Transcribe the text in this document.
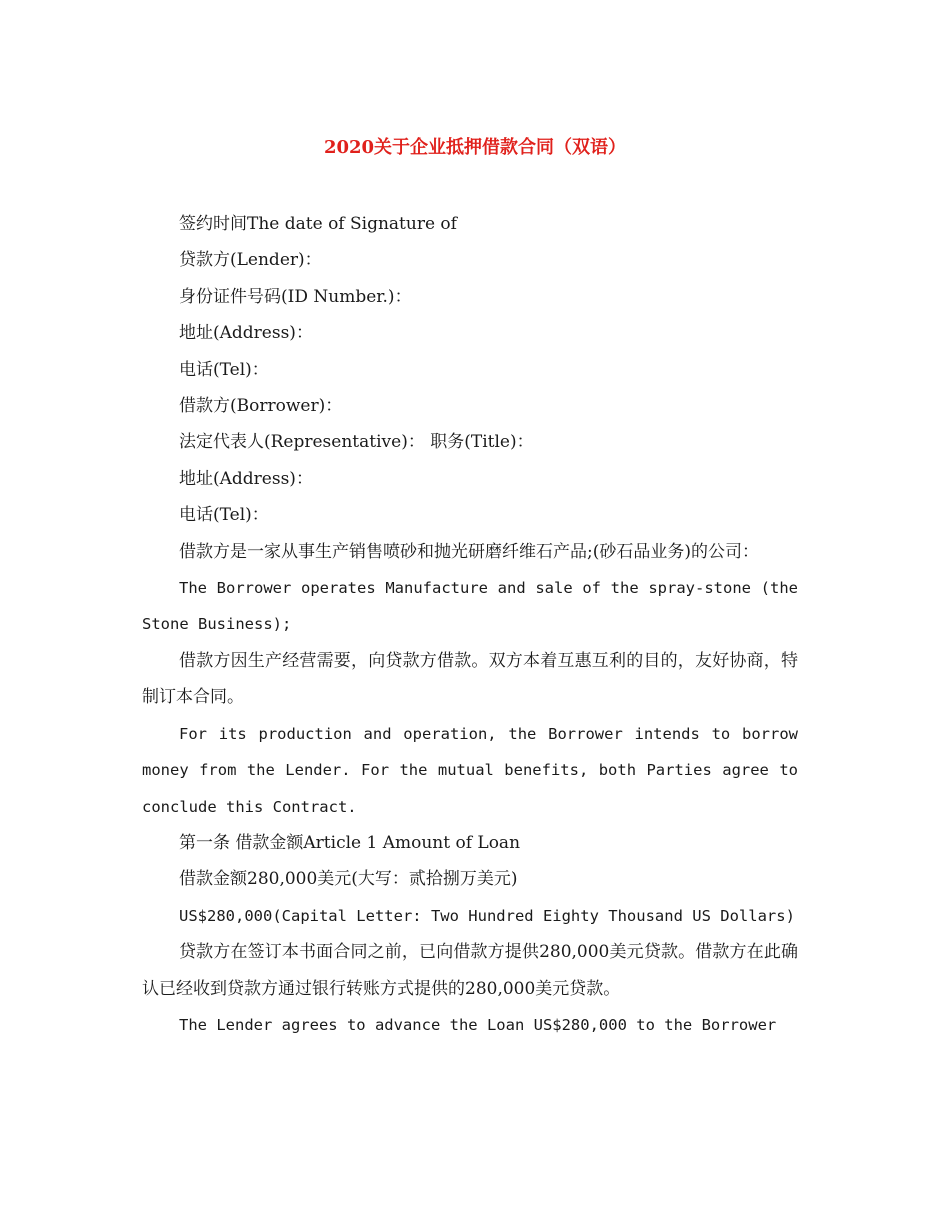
2020关于企业抵押借款合同（双语）

签约时间The date of Signature of

贷款方(Lender)：

身份证件号码(ID Number.)：

地址(Address)：

电话(Tel)：

借款方(Borrower)：

法定代表人(Representative)： 职务(Title)：

地址(Address)：

电话(Tel)：

借款方是一家从事生产销售喷砂和抛光研磨纤维石产品;(砂石品业务)的公司：

The Borrower operates Manufacture and sale of the spray-stone (the Stone Business);

借款方因生产经营需要，向贷款方借款。双方本着互惠互利的目的，友好协商，特制订本合同。

For its production and operation, the Borrower intends to borrow money from the Lender. For the mutual benefits, both Parties agree to conclude this Contract.

第一条 借款金额Article 1 Amount of Loan

借款金额280,000美元(大写：贰拾捌万美元)

US$280,000(Capital Letter: Two Hundred Eighty Thousand US Dollars)

贷款方在签订本书面合同之前，已向借款方提供280,000美元贷款。借款方在此确认已经收到贷款方通过银行转账方式提供的280,000美元贷款。

The Lender agrees to advance the Loan US$280,000 to the Borrower
